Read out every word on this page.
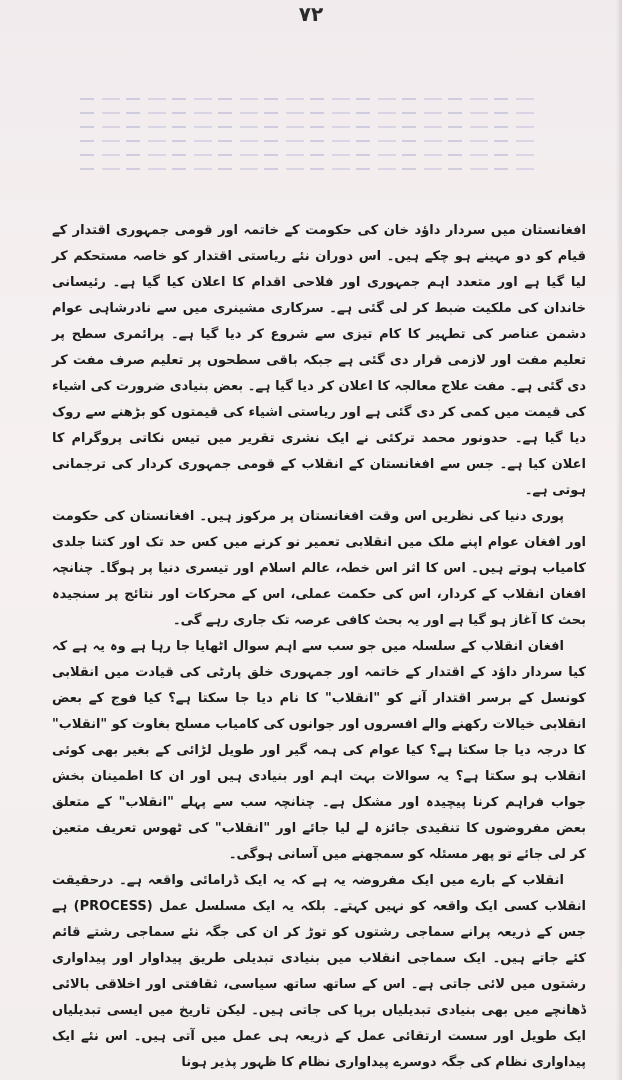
۷۲

افغانستان میں سردار داؤد خان کی حکومت کے خاتمہ اور قومی جمہوری اقتدار کے قیام کو دو مہینے ہو چکے ہیں۔ اس دوران نئے ریاستی اقتدار کو خاصہ مستحکم کر لیا گیا ہے اور متعدد اہم جمہوری اور فلاحی اقدام کا اعلان کیا گیا ہے۔ رئیسانی خاندان کی ملکیت ضبط کر لی گئی ہے۔ سرکاری مشینری میں سے نادرشاہی عوام دشمن عناصر کی تطہیر کا کام تیزی سے شروع کر دیا گیا ہے۔ پرائمری سطح پر تعلیم مفت اور لازمی قرار دی گئی ہے جبکہ باقی سطحوں پر تعلیم صرف مفت کر دی گئی ہے۔ مفت علاج معالجہ کا اعلان کر دیا گیا ہے۔ بعض بنیادی ضرورت کی اشیاء کی قیمت میں کمی کر دی گئی ہے اور ریاستی اشیاء کی قیمتوں کو بڑھنے سے روک دیا گیا ہے۔ حدونور محمد ترکئی نے ایک نشری تقریر میں تیس نکاتی پروگرام کا اعلان کیا ہے۔ جس سے افغانستان کے انقلاب کے قومی جمہوری کردار کی ترجمانی ہوتی ہے۔

پوری دنیا کی نظریں اس وقت افغانستان پر مرکوز ہیں۔ افغانستان کی حکومت اور افغان عوام اپنے ملک میں انقلابی تعمیر نو کرنے میں کس حد تک اور کتنا جلدی کامیاب ہوتے ہیں۔ اس کا اثر اس خطہ، عالم اسلام اور تیسری دنیا پر ہوگا۔ چنانچہ افغان انقلاب کے کردار، اس کی حکمت عملی، اس کے محرکات اور نتائج پر سنجیدہ بحث کا آغاز ہو گیا ہے اور یہ بحث کافی عرصہ تک جاری رہے گی۔

افغان انقلاب کے سلسلہ میں جو سب سے اہم سوال اٹھایا جا رہا ہے وہ یہ ہے کہ کیا سردار داؤد کے اقتدار کے خاتمہ اور جمہوری خلق پارٹی کی قیادت میں انقلابی کونسل کے برسر اقتدار آنے کو "انقلاب" کا نام دیا جا سکتا ہے؟ کیا فوج کے بعض انقلابی خیالات رکھنے والے افسروں اور جوانوں کی کامیاب مسلح بغاوت کو "انقلاب" کا درجہ دیا جا سکتا ہے؟ کیا عوام کی ہمہ گیر اور طویل لڑائی کے بغیر بھی کوئی انقلاب ہو سکتا ہے؟ یہ سوالات بہت اہم اور بنیادی ہیں اور ان کا اطمینان بخش جواب فراہم کرنا پیچیدہ اور مشکل ہے۔ چنانچہ سب سے پہلے "انقلاب" کے متعلق بعض مفروضوں کا تنقیدی جائزہ لے لیا جائے اور "انقلاب" کی ٹھوس تعریف متعین کر لی جائے تو پھر مسئلہ کو سمجھنے میں آسانی ہوگی۔

انقلاب کے بارے میں ایک مفروضہ یہ ہے کہ یہ ایک ڈرامائی واقعہ ہے۔ درحقیقت انقلاب کسی ایک واقعہ کو نہیں کہتے۔ بلکہ یہ ایک مسلسل عمل (PROCESS) ہے جس کے ذریعہ پرانے سماجی رشتوں کو توڑ کر ان کی جگہ نئے سماجی رشتے قائم کئے جاتے ہیں۔ ایک سماجی انقلاب میں بنیادی تبدیلی طریق پیداوار اور پیداواری رشتوں میں لائی جاتی ہے۔ اس کے ساتھ ساتھ سیاسی، ثقافتی اور اخلاقی بالائی ڈھانچے میں بھی بنیادی تبدیلیاں برپا کی جاتی ہیں۔ لیکن تاریخ میں ایسی تبدیلیاں ایک طویل اور سست ارتقائی عمل کے ذریعہ ہی عمل میں آتی ہیں۔ اس نئے ایک پیداواری نظام کی جگہ دوسرے پیداواری نظام کا ظہور پذیر ہونا
